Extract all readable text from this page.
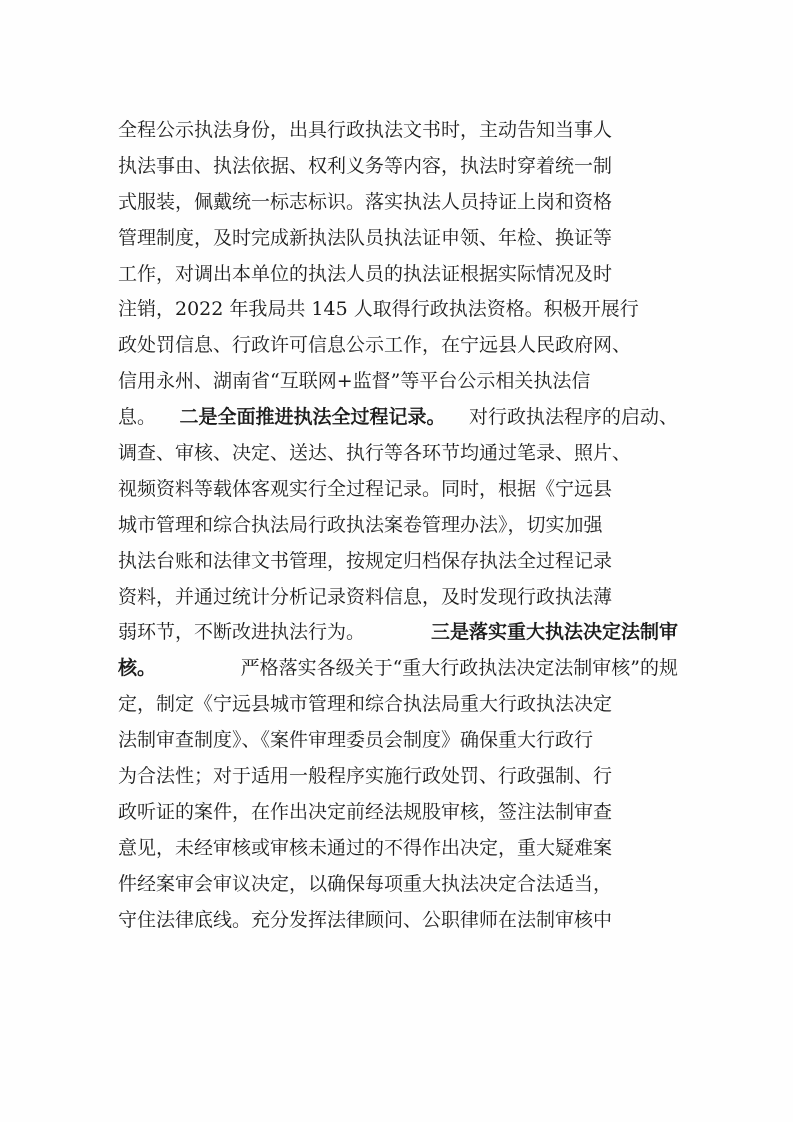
全程公示执法身份，出具行政执法文书时，主动告知当事人
执法事由、执法依据、权利义务等内容，执法时穿着统一制
式服装，佩戴统一标志标识。落实执法人员持证上岗和资格
管理制度，及时完成新执法队员执法证申领、年检、换证等
工作，对调出本单位的执法人员的执法证根据实际情况及时
注销，2022 年我局共 145 人取得行政执法资格。积极开展行
政处罚信息、行政许可信息公示工作，在宁远县人民政府网、
信用永州、湖南省“互联网+监督”等平台公示相关执法信
息。 二是全面推进执法全过程记录。 对行政执法程序的启动、
调查、审核、决定、送达、执行等各环节均通过笔录、照片、
视频资料等载体客观实行全过程记录。同时，根据《宁远县
城市管理和综合执法局行政执法案卷管理办法》，切实加强
执法台账和法律文书管理，按规定归档保存执法全过程记录
资料，并通过统计分析记录资料信息，及时发现行政执法薄
弱环节，不断改进执法行为。	三是落实重大执法决定法制审
核。	严格落实各级关于“重大行政执法决定法制审核”的规
定，制定《宁远县城市管理和综合执法局重大行政执法决定
法制审查制度》、《案件审理委员会制度》确保重大行政行
为合法性；对于适用一般程序实施行政处罚、行政强制、行
政听证的案件，在作出决定前经法规股审核，签注法制审查
意见，未经审核或审核未通过的不得作出决定，重大疑难案
件经案审会审议决定，以确保每项重大执法决定合法适当，
守住法律底线。充分发挥法律顾问、公职律师在法制审核中
